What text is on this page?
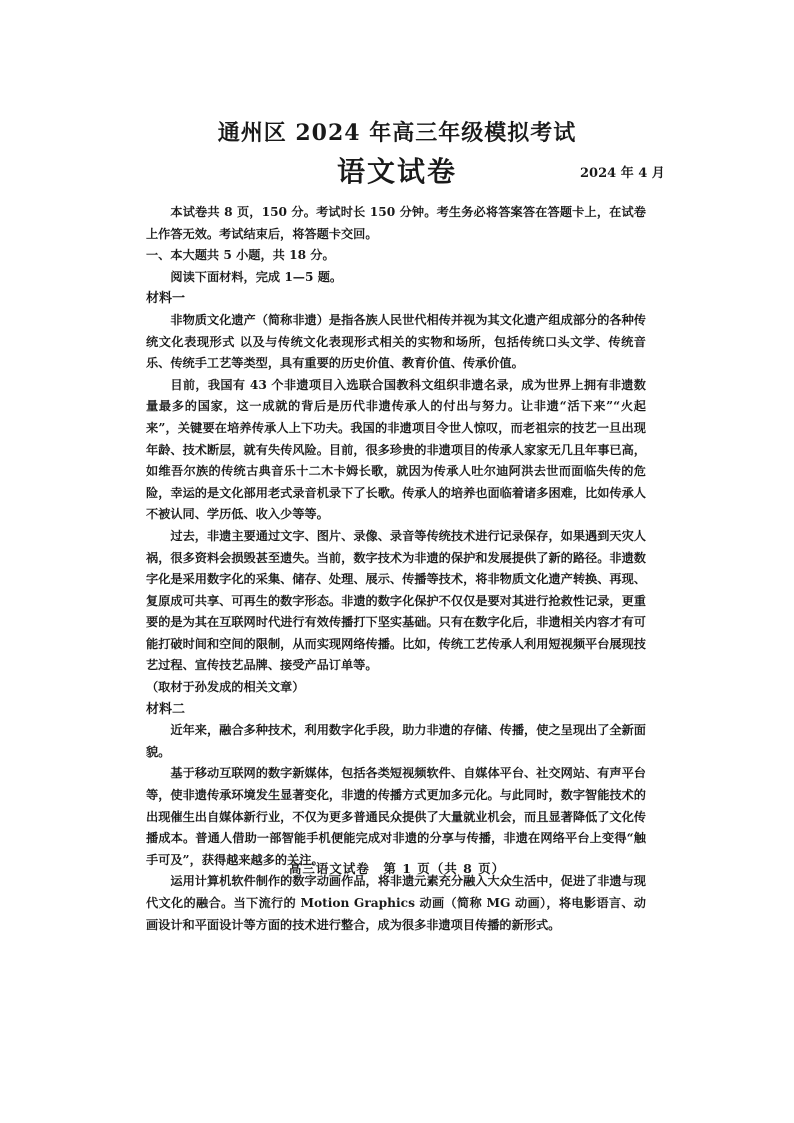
通州区 2024 年高三年级模拟考试
语文试卷	2024 年 4 月

本试卷共 8 页，150 分。考试时长 150 分钟。考生务必将答案答在答题卡上，在试卷上作答无效。考试结束后，将答题卡交回。

一、本大题共 5 小题，共 18 分。

阅读下面材料，完成 1—5 题。

材料一

非物质文化遗产（简称非遗）是指各族人民世代相传并视为其文化遗产组成部分的各种传统文化表现形式 以及与传统文化表现形式相关的实物和场所，包括传统口头文学、传统音乐、传统手工艺等类型，具有重要的历史价值、教育价值、传承价值。

目前，我国有 43 个非遗项目入选联合国教科文组织非遗名录，成为世界上拥有非遗数量最多的国家，这一成就的背后是历代非遗传承人的付出与努力。让非遗“活下来”“火起来”，关键要在培养传承人上下功夫。我国的非遗项目令世人惊叹，而老祖宗的技艺一旦出现年龄、技术断层，就有失传风险。目前，很多珍贵的非遗项目的传承人家家无几且年事已高，如维吾尔族的传统古典音乐十二木卡姆长歌，就因为传承人吐尔迪阿洪去世而面临失传的危险，幸运的是文化部用老式录音机录下了长歌。传承人的培养也面临着诸多困难，比如传承人不被认同、学历低、收入少等等。

过去，非遗主要通过文字、图片、录像、录音等传统技术进行记录保存，如果遇到天灾人祸，很多资料会损毁甚至遗失。当前，数字技术为非遗的保护和发展提供了新的路径。非遗数字化是采用数字化的采集、储存、处理、展示、传播等技术，将非物质文化遗产转换、再现、复原成可共享、可再生的数字形态。非遗的数字化保护不仅仅是要对其进行抢救性记录，更重要的是为其在互联网时代进行有效传播打下坚实基础。只有在数字化后，非遗相关内容才有可能打破时间和空间的限制，从而实现网络传播。比如，传统工艺传承人利用短视频平台展现技艺过程、宣传技艺品牌、接受产品订单等。

（取材于孙发成的相关文章）

材料二

近年来，融合多种技术，利用数字化手段，助力非遗的存储、传播，使之呈现出了全新面貌。

基于移动互联网的数字新媒体，包括各类短视频软件、自媒体平台、社交网站、有声平台等，使非遗传承环境发生显著变化，非遗的传播方式更加多元化。与此同时，数字智能技术的出现催生出自媒体新行业，不仅为更多普通民众提供了大量就业机会，而且显著降低了文化传播成本。普通人借助一部智能手机便能完成对非遗的分享与传播，非遗在网络平台上变得“触手可及”，获得越来越多的关注。

运用计算机软件制作的数字动画作品，将非遗元素充分融入大众生活中，促进了非遗与现代文化的融合。当下流行的 Motion Graphics 动画（简称 MG 动画），将电影语言、动画设计和平面设计等方面的技术进行整合，成为很多非遗项目传播的新形式。

高三语文试卷　第 1 页（共 8 页）
